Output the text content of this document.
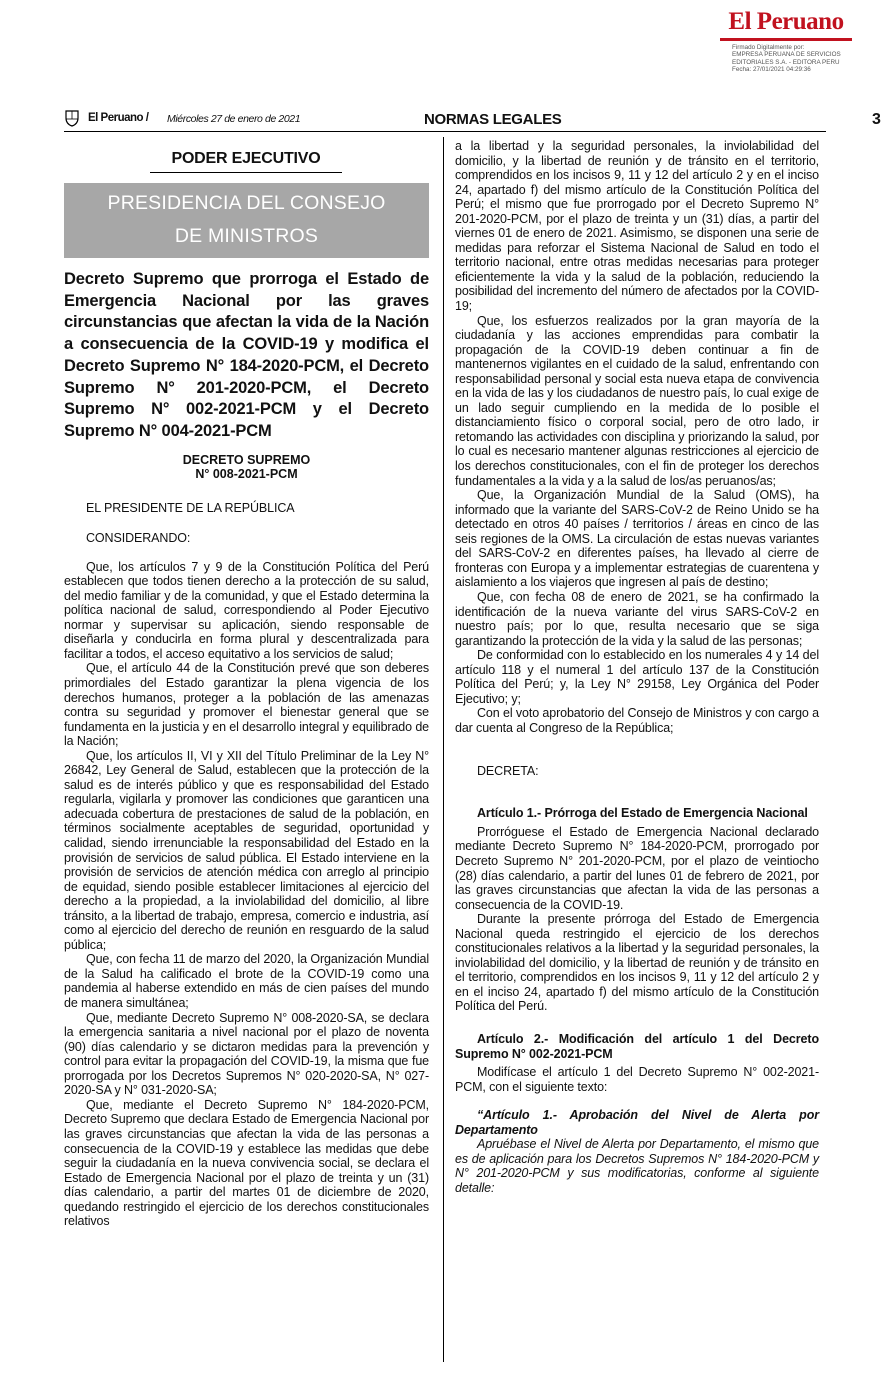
El Peruano
Firmado Digitalmente por:
EMPRESA PERUANA DE SERVICIOS
EDITORIALES S.A. - EDITORA PERU
Fecha: 27/01/2021 04:29:36
El Peruano / Miércoles 27 de enero de 2021	NORMAS LEGALES	3
PODER EJECUTIVO
PRESIDENCIA DEL CONSEJO
DE MINISTROS
Decreto Supremo que prorroga el Estado de Emergencia Nacional por las graves circunstancias que afectan la vida de la Nación a consecuencia de la COVID-19 y modifica el Decreto Supremo N° 184-2020-PCM, el Decreto Supremo N° 201-2020-PCM, el Decreto Supremo N° 002-2021-PCM y el Decreto Supremo N° 004-2021-PCM
DECRETO SUPREMO
N° 008-2021-PCM
EL PRESIDENTE DE LA REPÚBLICA
CONSIDERANDO:

Que, los artículos 7 y 9 de la Constitución Política del Perú establecen que todos tienen derecho a la protección de su salud, del medio familiar y de la comunidad, y que el Estado determina la política nacional de salud, correspondiendo al Poder Ejecutivo normar y supervisar su aplicación, siendo responsable de diseñarla y conducirla en forma plural y descentralizada para facilitar a todos, el acceso equitativo a los servicios de salud;

Que, el artículo 44 de la Constitución prevé que son deberes primordiales del Estado garantizar la plena vigencia de los derechos humanos, proteger a la población de las amenazas contra su seguridad y promover el bienestar general que se fundamenta en la justicia y en el desarrollo integral y equilibrado de la Nación;

Que, los artículos II, VI y XII del Título Preliminar de la Ley N° 26842, Ley General de Salud, establecen que la protección de la salud es de interés público y que es responsabilidad del Estado regularla, vigilarla y promover las condiciones que garanticen una adecuada cobertura de prestaciones de salud de la población, en términos socialmente aceptables de seguridad, oportunidad y calidad, siendo irrenunciable la responsabilidad del Estado en la provisión de servicios de salud pública. El Estado interviene en la provisión de servicios de atención médica con arreglo al principio de equidad, siendo posible establecer limitaciones al ejercicio del derecho a la propiedad, a la inviolabilidad del domicilio, al libre tránsito, a la libertad de trabajo, empresa, comercio e industria, así como al ejercicio del derecho de reunión en resguardo de la salud pública;

Que, con fecha 11 de marzo del 2020, la Organización Mundial de la Salud ha calificado el brote de la COVID-19 como una pandemia al haberse extendido en más de cien países del mundo de manera simultánea;

Que, mediante Decreto Supremo N° 008-2020-SA, se declara la emergencia sanitaria a nivel nacional por el plazo de noventa (90) días calendario y se dictaron medidas para la prevención y control para evitar la propagación del COVID-19, la misma que fue prorrogada por los Decretos Supremos N° 020-2020-SA, N° 027-2020-SA y N° 031-2020-SA;

Que, mediante el Decreto Supremo N° 184-2020-PCM, Decreto Supremo que declara Estado de Emergencia Nacional por las graves circunstancias que afectan la vida de las personas a consecuencia de la COVID-19 y establece las medidas que debe seguir la ciudadanía en la nueva convivencia social, se declara el Estado de Emergencia Nacional por el plazo de treinta y un (31) días calendario, a partir del martes 01 de diciembre de 2020, quedando restringido el ejercicio de los derechos constitucionales relativos

a la libertad y la seguridad personales, la inviolabilidad del domicilio, y la libertad de reunión y de tránsito en el territorio, comprendidos en los incisos 9, 11 y 12 del artículo 2 y en el inciso 24, apartado f) del mismo artículo de la Constitución Política del Perú; el mismo que fue prorrogado por el Decreto Supremo N° 201-2020-PCM, por el plazo de treinta y un (31) días, a partir del viernes 01 de enero de 2021. Asimismo, se disponen una serie de medidas para reforzar el Sistema Nacional de Salud en todo el territorio nacional, entre otras medidas necesarias para proteger eficientemente la vida y la salud de la población, reduciendo la posibilidad del incremento del número de afectados por la COVID-19;

Que, los esfuerzos realizados por la gran mayoría de la ciudadanía y las acciones emprendidas para combatir la propagación de la COVID-19 deben continuar a fin de mantenernos vigilantes en el cuidado de la salud, enfrentando con responsabilidad personal y social esta nueva etapa de convivencia en la vida de las y los ciudadanos de nuestro país, lo cual exige de un lado seguir cumpliendo en la medida de lo posible el distanciamiento físico o corporal social, pero de otro lado, ir retomando las actividades con disciplina y priorizando la salud, por lo cual es necesario mantener algunas restricciones al ejercicio de los derechos constitucionales, con el fin de proteger los derechos fundamentales a la vida y a la salud de los/as peruanos/as;

Que, la Organización Mundial de la Salud (OMS), ha informado que la variante del SARS-CoV-2 de Reino Unido se ha detectado en otros 40 países / territorios / áreas en cinco de las seis regiones de la OMS. La circulación de estas nuevas variantes del SARS-CoV-2 en diferentes países, ha llevado al cierre de fronteras con Europa y a implementar estrategias de cuarentena y aislamiento a los viajeros que ingresen al país de destino;

Que, con fecha 08 de enero de 2021, se ha confirmado la identificación de la nueva variante del virus SARS-CoV-2 en nuestro país; por lo que, resulta necesario que se siga garantizando la protección de la vida y la salud de las personas;

De conformidad con lo establecido en los numerales 4 y 14 del artículo 118 y el numeral 1 del artículo 137 de la Constitución Política del Perú; y, la Ley N° 29158, Ley Orgánica del Poder Ejecutivo; y;

Con el voto aprobatorio del Consejo de Ministros y con cargo a dar cuenta al Congreso de la República;

DECRETA:
Artículo 1.- Prórroga del Estado de Emergencia Nacional

Prorróguese el Estado de Emergencia Nacional declarado mediante Decreto Supremo N° 184-2020-PCM, prorrogado por Decreto Supremo N° 201-2020-PCM, por el plazo de veintiocho (28) días calendario, a partir del lunes 01 de febrero de 2021, por las graves circunstancias que afectan la vida de las personas a consecuencia de la COVID-19.

Durante la presente prórroga del Estado de Emergencia Nacional queda restringido el ejercicio de los derechos constitucionales relativos a la libertad y la seguridad personales, la inviolabilidad del domicilio, y la libertad de reunión y de tránsito en el territorio, comprendidos en los incisos 9, 11 y 12 del artículo 2 y en el inciso 24, apartado f) del mismo artículo de la Constitución Política del Perú.

Artículo 2.- Modificación del artículo 1 del Decreto Supremo N° 002-2021-PCM

Modifícase el artículo 1 del Decreto Supremo N° 002-2021-PCM, con el siguiente texto:

“Artículo 1.- Aprobación del Nivel de Alerta por Departamento

Apruébase el Nivel de Alerta por Departamento, el mismo que es de aplicación para los Decretos Supremos N° 184-2020-PCM y N° 201-2020-PCM y sus modificatorias, conforme al siguiente detalle:
